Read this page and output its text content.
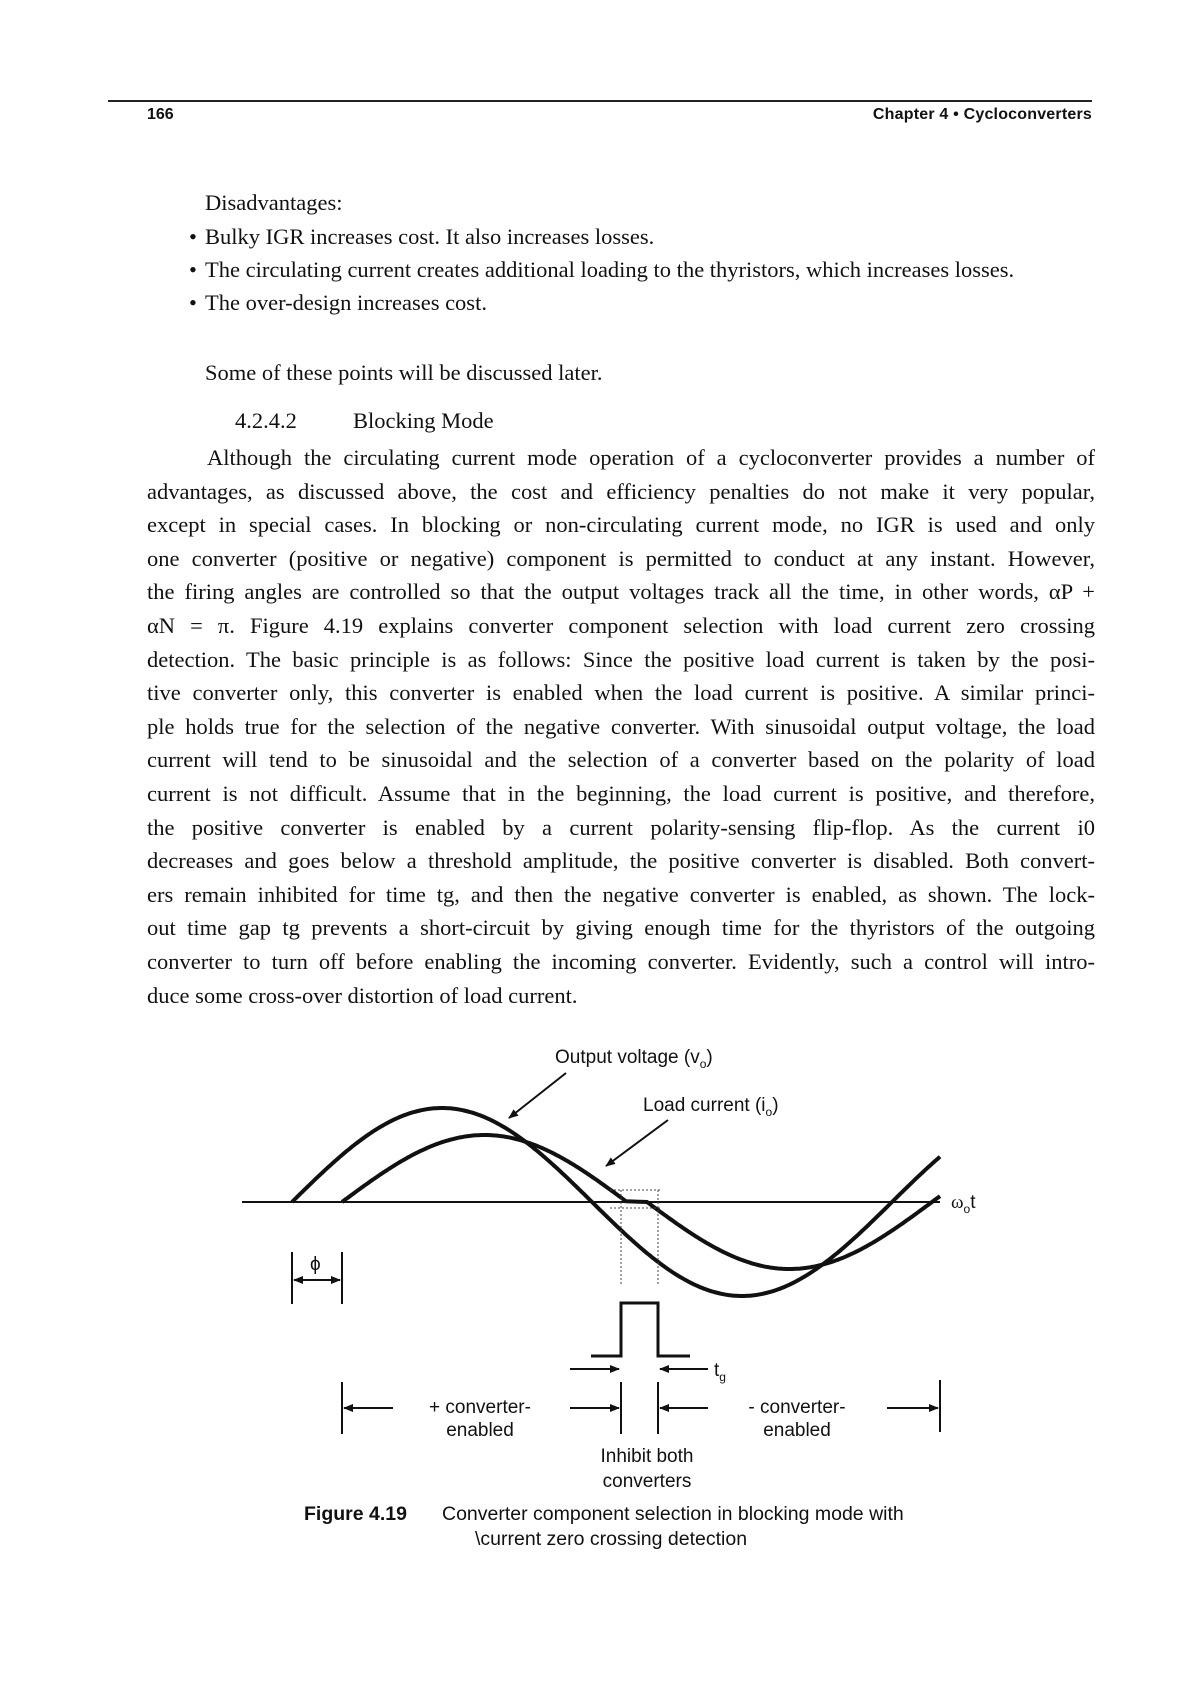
166	Chapter 4 • Cycloconverters
Disadvantages:
• Bulky IGR increases cost. It also increases losses.
• The circulating current creates additional loading to the thyristors, which increases losses.
• The over-design increases cost.
Some of these points will be discussed later.
4.2.4.2 Blocking Mode
Although the circulating current mode operation of a cycloconverter provides a number of
advantages, as discussed above, the cost and efficiency penalties do not make it very popular,
except in special cases. In blocking or non-circulating current mode, no IGR is used and only
one converter (positive or negative) component is permitted to conduct at any instant. However,
the firing angles are controlled so that the output voltages track all the time, in other words, αP +
αN = π. Figure 4.19 explains converter component selection with load current zero crossing
detection. The basic principle is as follows: Since the positive load current is taken by the posi-
tive converter only, this converter is enabled when the load current is positive. A similar princi-
ple holds true for the selection of the negative converter. With sinusoidal output voltage, the load
current will tend to be sinusoidal and the selection of a converter based on the polarity of load
current is not difficult. Assume that in the beginning, the load current is positive, and therefore,
the positive converter is enabled by a current polarity-sensing flip-flop. As the current i0
decreases and goes below a threshold amplitude, the positive converter is disabled. Both convert-
ers remain inhibited for time tg, and then the negative converter is enabled, as shown. The lock-
out time gap tg prevents a short-circuit by giving enough time for the thyristors of the outgoing
converter to turn off before enabling the incoming converter. Evidently, such a control will intro-
duce some cross-over distortion of load current.
Output voltage $(v_o)$
Load current $(i_o)$
$\omega_ot$
ϕ
$t_g$
+ converter-
enabled
- converter-
enabled
Inhibit both
converters
Figure 4.19 Converter component selection in blocking mode with
\current zero crossing detection
